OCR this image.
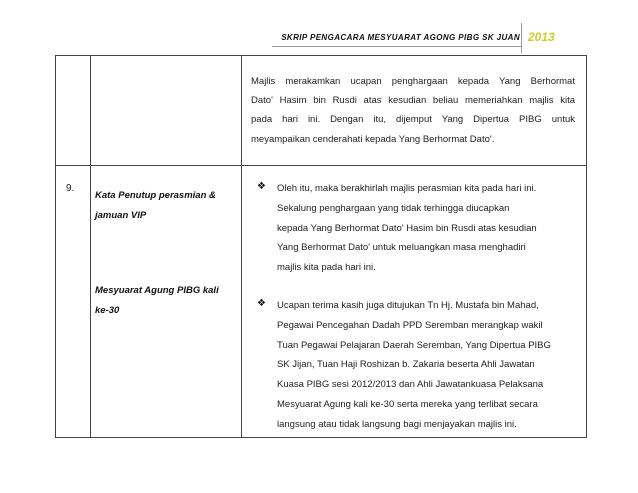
SKRIP PENGACARA MESYUARAT AGONG PIBG SK JUAN 2013
Majlis merakamkan ucapan penghargaan kepada Yang Berhormat
Dato' Hasim bin Rusdi atas kesudian beliau memeriahkan majlis kita
pada hari ini. Dengan itu, dijemput Yang Dipertua PIBG untuk
meyampaikan cenderahati kepada Yang Berhormat Dato'.
9.
Kata Penutup perasmian &
jamuan VIP
Mesyuarat Agung PIBG kali
ke-30
❖ Oleh itu, maka berakhirlah majlis perasmian kita pada hari ini.
Sekalung penghargaan yang tidak terhingga diucapkan
kepada Yang Berhormat Dato' Hasim bin Rusdi atas kesudian
Yang Berhormat Dato' untuk meluangkan masa menghadiri
majlis kita pada hari ini.
❖ Ucapan terima kasih juga ditujukan Tn Hj. Mustafa bin Mahad,
Pegawai Pencegahan Dadah PPD Seremban merangkap wakil
Tuan Pegawai Pelajaran Daerah Seremban, Yang Dipertua PIBG
SK Jijan, Tuan Haji Roshizan b. Zakaria beserta Ahli Jawatan
Kuasa PIBG sesi 2012/2013 dan Ahli Jawatankuasa Pelaksana
Mesyuarat Agung kali ke-30 serta mereka yang terlibat secara
langsung atau tidak langsung bagi menjayakan majlis ini.
